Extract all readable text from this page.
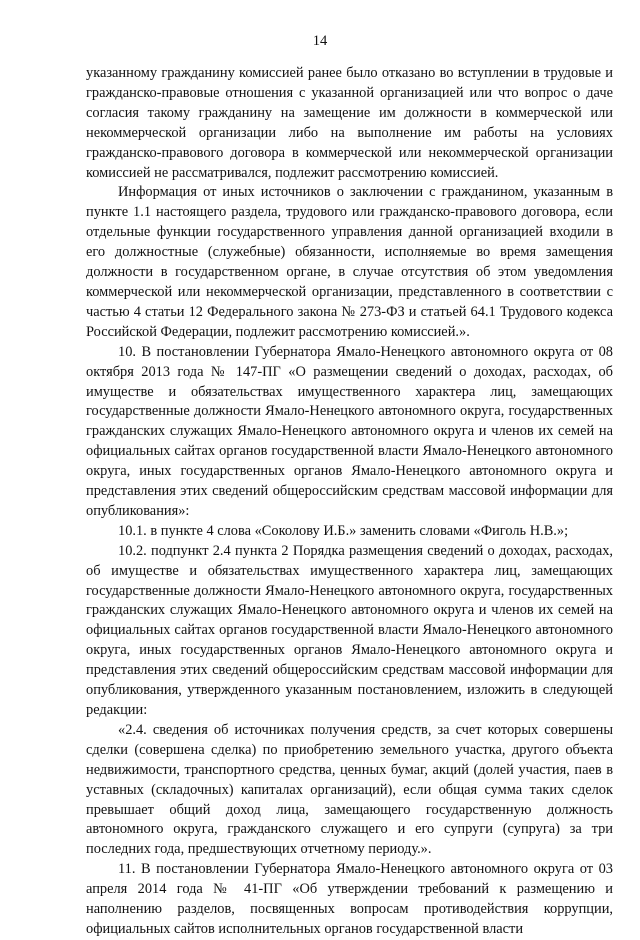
14

указанному гражданину комиссией ранее было отказано во вступлении в трудовые и гражданско-правовые отношения с указанной организацией или что вопрос о даче согласия такому гражданину на замещение им должности в коммерческой или некоммерческой организации либо на выполнение им работы на условиях гражданско-правового договора в коммерческой или некоммерческой организации комиссией не рассматривался, подлежит рассмотрению комиссией.

Информация от иных источников о заключении с гражданином, указанным в пункте 1.1 настоящего раздела, трудового или гражданско-правового договора, если отдельные функции государственного управления данной организацией входили в его должностные (служебные) обязанности, исполняемые во время замещения должности в государственном органе, в случае отсутствия об этом уведомления коммерческой или некоммерческой организации, представленного в соответствии с частью 4 статьи 12 Федерального закона № 273-ФЗ и статьей 64.1 Трудового кодекса Российской Федерации, подлежит рассмотрению комиссией.».

10. В постановлении Губернатора Ямало-Ненецкого автономного округа от 08 октября 2013 года № 147-ПГ «О размещении сведений о доходах, расходах, об имуществе и обязательствах имущественного характера лиц, замещающих государственные должности Ямало-Ненецкого автономного округа, государственных гражданских служащих Ямало-Ненецкого автономного округа и членов их семей на официальных сайтах органов государственной власти Ямало-Ненецкого автономного округа, иных государственных органов Ямало-Ненецкого автономного округа и представления этих сведений общероссийским средствам массовой информации для опубликования»:

10.1. в пункте 4 слова «Соколову И.Б.» заменить словами «Фиголь Н.В.»;

10.2. подпункт 2.4 пункта 2 Порядка размещения сведений о доходах, расходах, об имуществе и обязательствах имущественного характера лиц, замещающих государственные должности Ямало-Ненецкого автономного округа, государственных гражданских служащих Ямало-Ненецкого автономного округа и членов их семей на официальных сайтах органов государственной власти Ямало-Ненецкого автономного округа, иных государственных органов Ямало-Ненецкого автономного округа и представления этих сведений общероссийским средствам массовой информации для опубликования, утвержденного указанным постановлением, изложить в следующей редакции:

«2.4. сведения об источниках получения средств, за счет которых совершены сделки (совершена сделка) по приобретению земельного участка, другого объекта недвижимости, транспортного средства, ценных бумаг, акций (долей участия, паев в уставных (складочных) капиталах организаций), если общая сумма таких сделок превышает общий доход лица, замещающего государственную должность автономного округа, гражданского служащего и его супруги (супруга) за три последних года, предшествующих отчетному периоду.».

11. В постановлении Губернатора Ямало-Ненецкого автономного округа от 03 апреля 2014 года № 41-ПГ «Об утверждении требований к размещению и наполнению разделов, посвященных вопросам противодействия коррупции, официальных сайтов исполнительных органов государственной власти
